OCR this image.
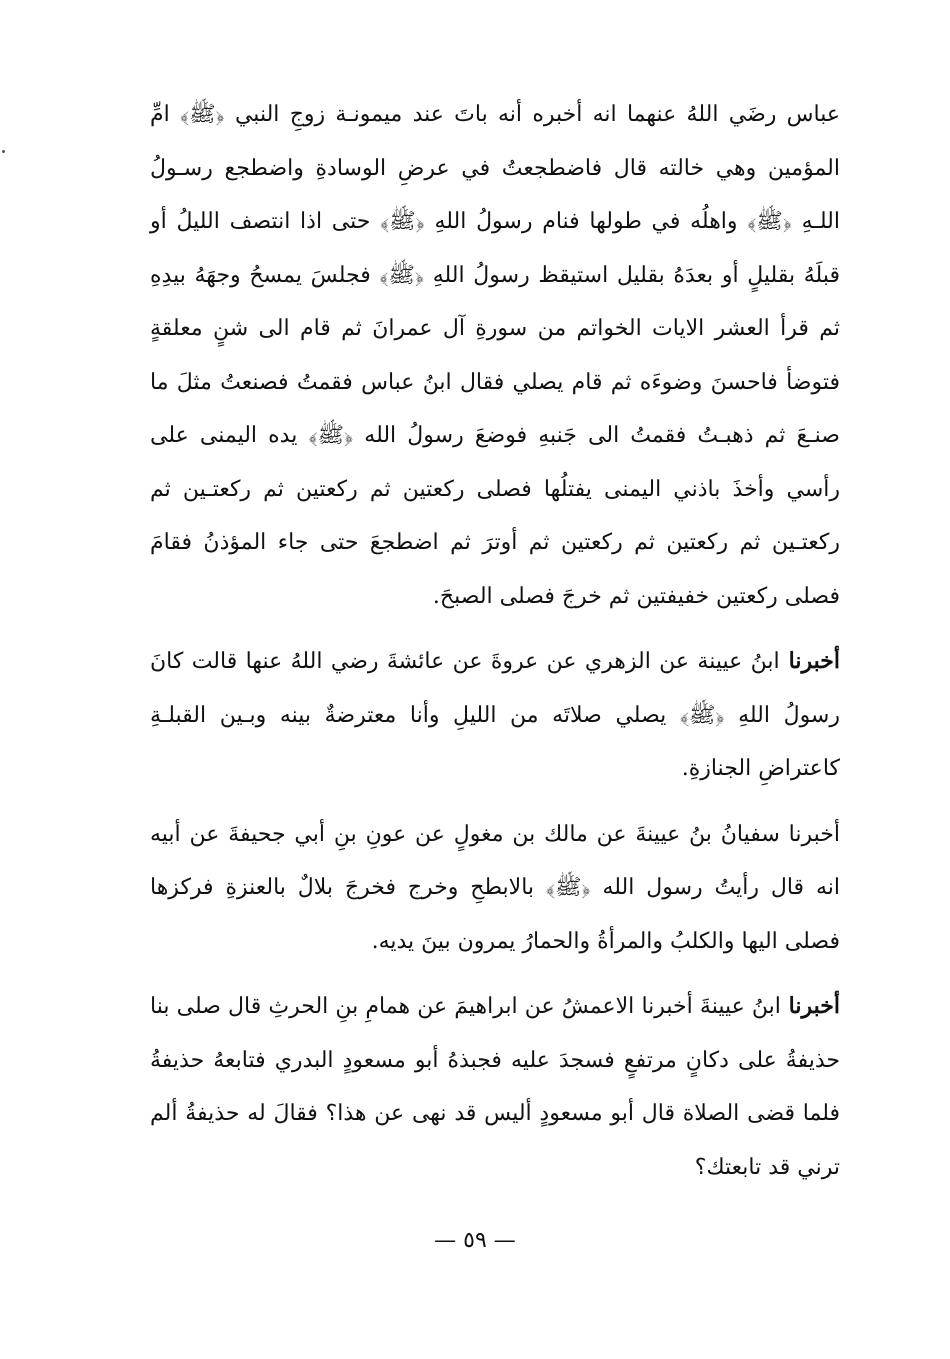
عباس رضَي اللهُ عنهما انه أخبره أنه باتَ عند ميمونـة زوجِ النبي ﴿ﷺ﴾ امِّ المؤمين وهي خالته قال فاضطجعتُ في عرضِ الوسادةِ واضطجع رسـولُ اللـهِ ﴿ﷺ﴾ واهلُه في طولها فنام رسولُ اللهِ ﴿ﷺ﴾ حتى اذا انتصف الليلُ أو قبلَهُ بقليلٍ أو بعدَهُ بقليل استيقظ رسولُ اللهِ ﴿ﷺ﴾ فجلسَ يمسحُ وجهَهُ بيدِهِ ثم قرأ العشر الايات الخواتم من سورةِ آل عمرانَ ثم قام الى شنٍ معلقةٍ فتوضأ فاحسنَ وضوءَه ثم قام يصلي فقال ابنُ عباس فقمتُ فصنعتُ مثلَ ما صنـعَ ثم ذهبـتُ فقمتُ الى جَنبهِ فوضعَ رسولُ الله ﴿ﷺ﴾ يده اليمنى على رأسي وأخذَ باذني اليمنى يفتلُها فصلى ركعتين ثم ركعتين ثم ركعتـين ثم ركعتـين ثم ركعتين ثم ركعتين ثم أوترَ ثم اضطجعَ حتى جاء المؤذنُ فقامَ فصلى ركعتين خفيفتين ثم خرجَ فصلى الصبحَ.

أخبرنا ابنُ عيينة عن الزهري عن عروةَ عن عائشةَ رضي اللهُ عنها قالت كانَ رسولُ اللهِ ﴿ﷺ﴾ يصلي صلاتَه من الليلِ وأنا معترضةٌ بينه وبـين القبلـةِ كاعتراضِ الجنازةِ.

أخبرنا سفيانُ بنُ عيينةَ عن مالك بن مغولٍ عن عونِ بنِ أبي جحيفةَ عن أبيه انه قال رأيتُ رسول الله ﴿ﷺ﴾ بالابطحِ وخرج فخرجَ بلالٌ بالعنزةِ فركزها فصلى اليها والكلبُ والمرأةُ والحمارُ يمرون بينَ يديه.

أخبرنا ابنُ عيينةَ أخبرنا الاعمشُ عن ابراهيمَ عن همامِ بنِ الحرثِ قال صلى بنا حذيفةُ على دكانٍ مرتفعٍ فسجدَ عليه فجبذهُ أبو مسعودٍ البدري فتابعهُ حذيفةُ فلما قضى الصلاة قال أبو مسعودٍ أليس قد نهى عن هذا؟ فقالَ له حذيفةُ ألم ترني قد تابعتك؟

— ٥٩ —
